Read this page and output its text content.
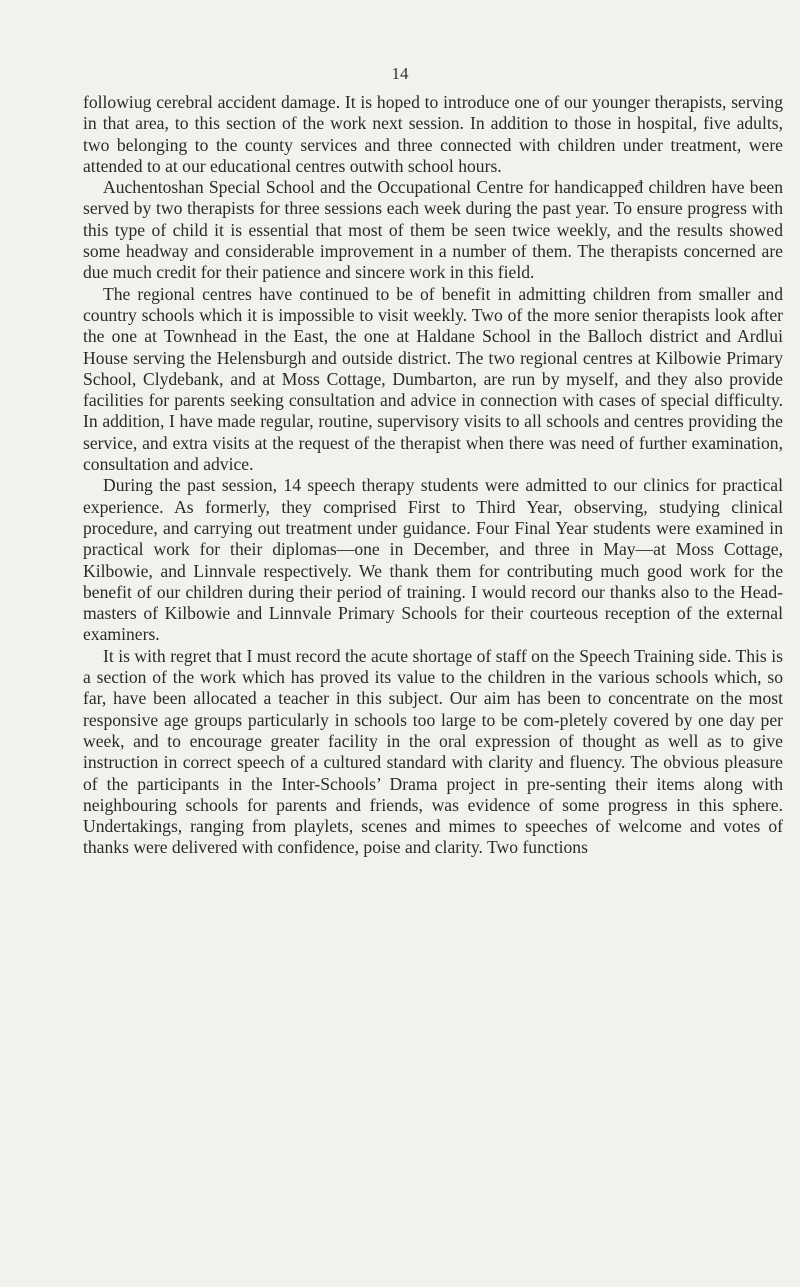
14

followiug cerebral accident damage. It is hoped to introduce one of our younger therapists, serving in that area, to this section of the work next session. In addition to those in hospital, five adults, two belonging to the county services and three connected with children under treatment, were attended to at our educational centres outwith school hours.

Auchentoshan Special School and the Occupational Centre for handicappeđ children have been served by two therapists for three sessions each week during the past year. To ensure progress with this type of child it is essential that most of them be seen twice weekly, and the results showed some headway and considerable improvement in a number of them. The therapists concerned are due much credit for their patience and sincere work in this field.

The regional centres have continued to be of benefit in admitting children from smaller and country schools which it is impossible to visit weekly. Two of the more senior therapists look after the one at Townhead in the East, the one at Haldane School in the Balloch district and Ardlui House serving the Helensburgh and outside district. The two regional centres at Kilbowie Primary School, Clydebank, and at Moss Cottage, Dumbarton, are run by myself, and they also provide facilities for parents seeking consultation and advice in connection with cases of special difficulty. In addition, I have made regular, routine, supervisory visits to all schools and centres providing the service, and extra visits at the request of the therapist when there was need of further examination, consultation and advice.

During the past session, 14 speech therapy students were admitted to our clinics for practical experience. As formerly, they comprised First to Third Year, observing, studying clinical procedure, and carrying out treatment under guidance. Four Final Year students were examined in practical work for their diplomas—one in December, and three in May—at Moss Cottage, Kilbowie, and Linnvale respectively. We thank them for contributing much good work for the benefit of our children during their period of training. I would record our thanks also to the Head-masters of Kilbowie and Linnvale Primary Schools for their courteous reception of the external examiners.

It is with regret that I must record the acute shortage of staff on the Speech Training side. This is a section of the work which has proved its value to the children in the various schools which, so far, have been allocated a teacher in this subject. Our aim has been to concentrate on the most responsive age groups particularly in schools too large to be com-pletely covered by one day per week, and to encourage greater facility in the oral expression of thought as well as to give instruction in correct speech of a cultured standard with clarity and fluency. The obvious pleasure of the participants in the Inter-Schools’ Drama project in pre-senting their items along with neighbouring schools for parents and friends, was evidence of some progress in this sphere. Undertakings, ranging from playlets, scenes and mimes to speeches of welcome and votes of thanks were delivered with confidence, poise and clarity. Two functions
